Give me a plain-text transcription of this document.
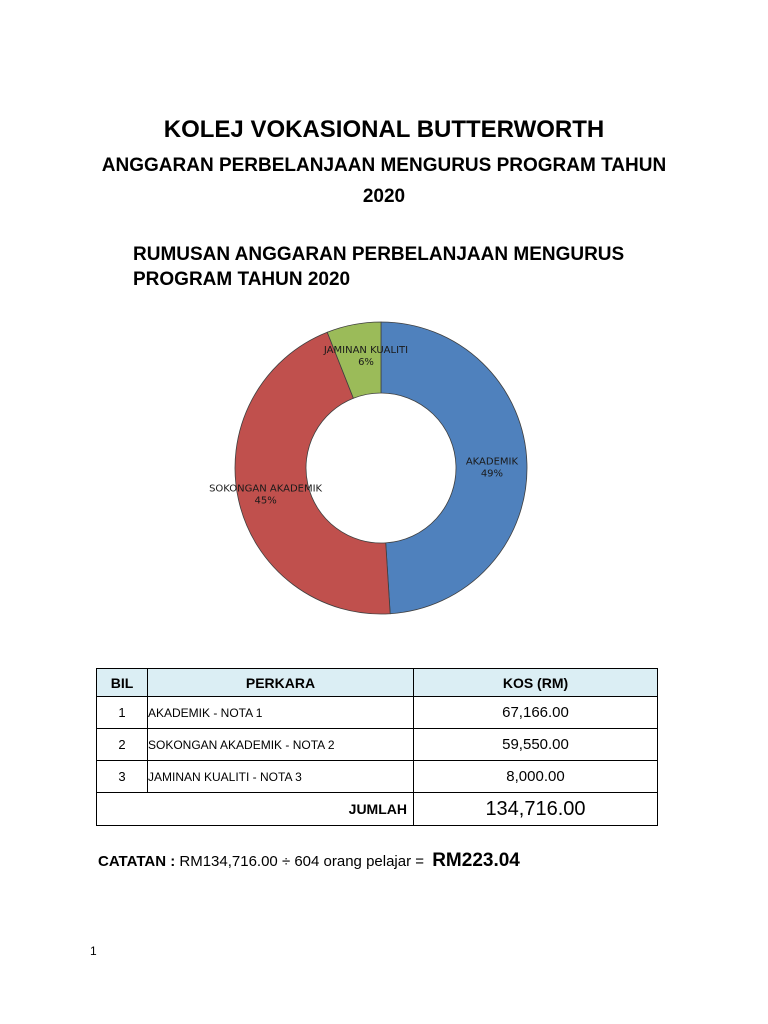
KOLEJ VOKASIONAL BUTTERWORTH
ANGGARAN PERBELANJAAN MENGURUS PROGRAM TAHUN 2020
RUMUSAN ANGGARAN PERBELANJAAN MENGURUS PROGRAM TAHUN 2020
AKADEMIK
49%
SOKONGAN AKADEMIK
45%
JAMINAN KUALITI
6%
BIL	PERKARA	KOS (RM)
1	AKADEMIK - NOTA 1	67,166.00
2	SOKONGAN AKADEMIK - NOTA 2	59,550.00
3	JAMINAN KUALITI - NOTA 3	8,000.00
JUMLAH		134,716.00
CATATAN : RM134,716.00 ÷ 604 orang pelajar = RM223.04
1
